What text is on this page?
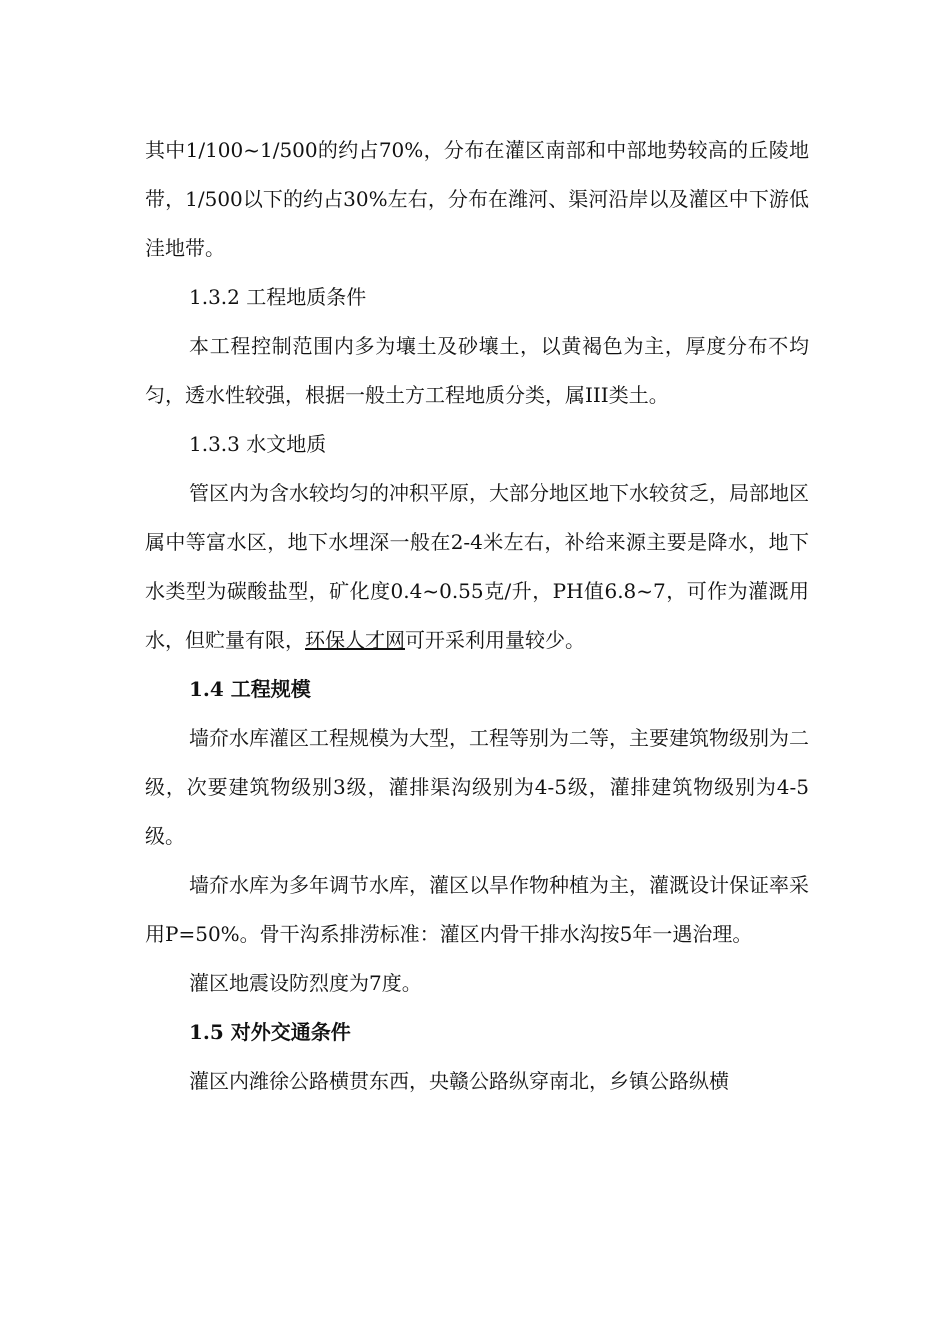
其中1/100~1/500的约占70%，分布在灌区南部和中部地势较高的丘陵地带，1/500以下的约占30%左右，分布在潍河、渠河沿岸以及灌区中下游低洼地带。

1.3.2 工程地质条件

本工程控制范围内多为壤土及砂壤土，以黄褐色为主，厚度分布不均匀，透水性较强，根据一般土方工程地质分类，属III类土。

1.3.3 水文地质

管区内为含水较均匀的冲积平原，大部分地区地下水较贫乏，局部地区属中等富水区，地下水埋深一般在2-4米左右，补给来源主要是降水，地下水类型为碳酸盐型，矿化度0.4~0.55克/升，PH值6.8~7，可作为灌溉用水，但贮量有限，环保人才网可开采利用量较少。

1.4 工程规模

墙夼水库灌区工程规模为大型，工程等别为二等，主要建筑物级别为二级，次要建筑物级别3级，灌排渠沟级别为4-5级，灌排建筑物级别为4-5级。

墙夼水库为多年调节水库，灌区以旱作物种植为主，灌溉设计保证率采用P=50%。骨干沟系排涝标准：灌区内骨干排水沟按5年一遇治理。

灌区地震设防烈度为7度。

1.5 对外交通条件

灌区内潍徐公路横贯东西，央赣公路纵穿南北，乡镇公路纵横
